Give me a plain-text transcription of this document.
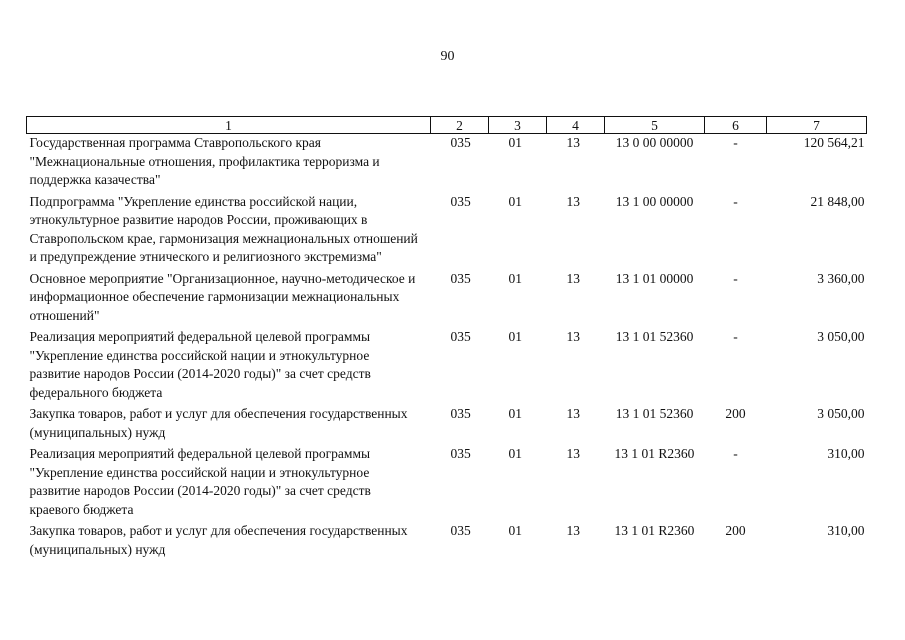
90
1	2	3	4	5	6	7
Государственная программа Ставропольского края "Межнациональные отношения, профилактика терроризма и поддержка казачества"	035	01	13	13 0 00 00000	-	120 564,21
Подпрограмма "Укрепление единства российской нации, этнокультурное развитие народов России, проживающих в Ставропольском крае, гармонизация межнациональных отношений и предупреждение этнического и религиозного экстремизма"	035	01	13	13 1 00 00000	-	21 848,00
Основное мероприятие "Организационное, научно-методическое и информационное обеспечение гармонизации межнациональных отношений"	035	01	13	13 1 01 00000	-	3 360,00
Реализация мероприятий федеральной целевой программы "Укрепление единства российской нации и этнокультурное развитие народов России (2014-2020 годы)" за счет средств федерального бюджета	035	01	13	13 1 01 52360	-	3 050,00
Закупка товаров, работ и услуг для обеспечения государственных (муниципальных) нужд	035	01	13	13 1 01 52360	200	3 050,00
Реализация мероприятий федеральной целевой программы "Укрепление единства российской нации и этнокультурное развитие народов России (2014-2020 годы)" за счет средств краевого бюджета	035	01	13	13 1 01 R2360	-	310,00
Закупка товаров, работ и услуг для обеспечения государственных (муниципальных) нужд	035	01	13	13 1 01 R2360	200	310,00
